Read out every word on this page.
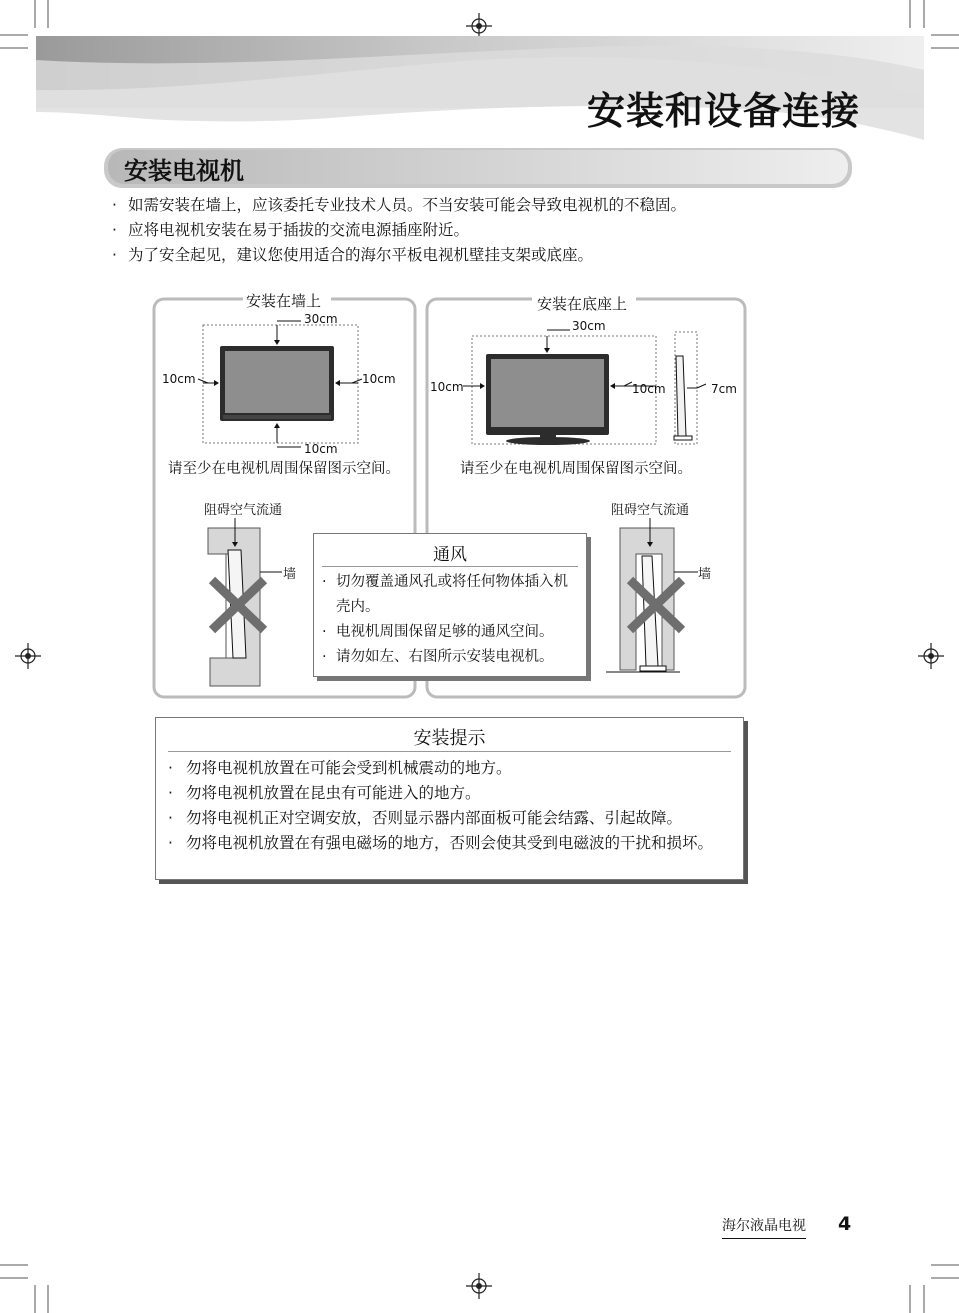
安装和设备连接
安装电视机
· 如需安装在墙上，应该委托专业技术人员。不当安装可能会导致电视机的不稳固。
· 应将电视机安装在易于插拔的交流电源插座附近。
· 为了安全起见，建议您使用适合的海尔平板电视机壁挂支架或底座。
安装在墙上
30cm
10cm	10cm
10cm
请至少在电视机周围保留图示空间。
阻碍空气流通
墙
安装在底座上
30cm
10cm	10cm	7cm
请至少在电视机周围保留图示空间。
阻碍空气流通
墙
通风
· 切勿覆盖通风孔或将任何物体插入机
壳内。
· 电视机周围保留足够的通风空间。
· 请勿如左、右图所示安装电视机。
安装提示
· 勿将电视机放置在可能会受到机械震动的地方。
· 勿将电视机放置在昆虫有可能进入的地方。
· 勿将电视机正对空调安放，否则显示器内部面板可能会结露、引起故障。
· 勿将电视机放置在有强电磁场的地方，否则会使其受到电磁波的干扰和损坏。
海尔液晶电视 4
